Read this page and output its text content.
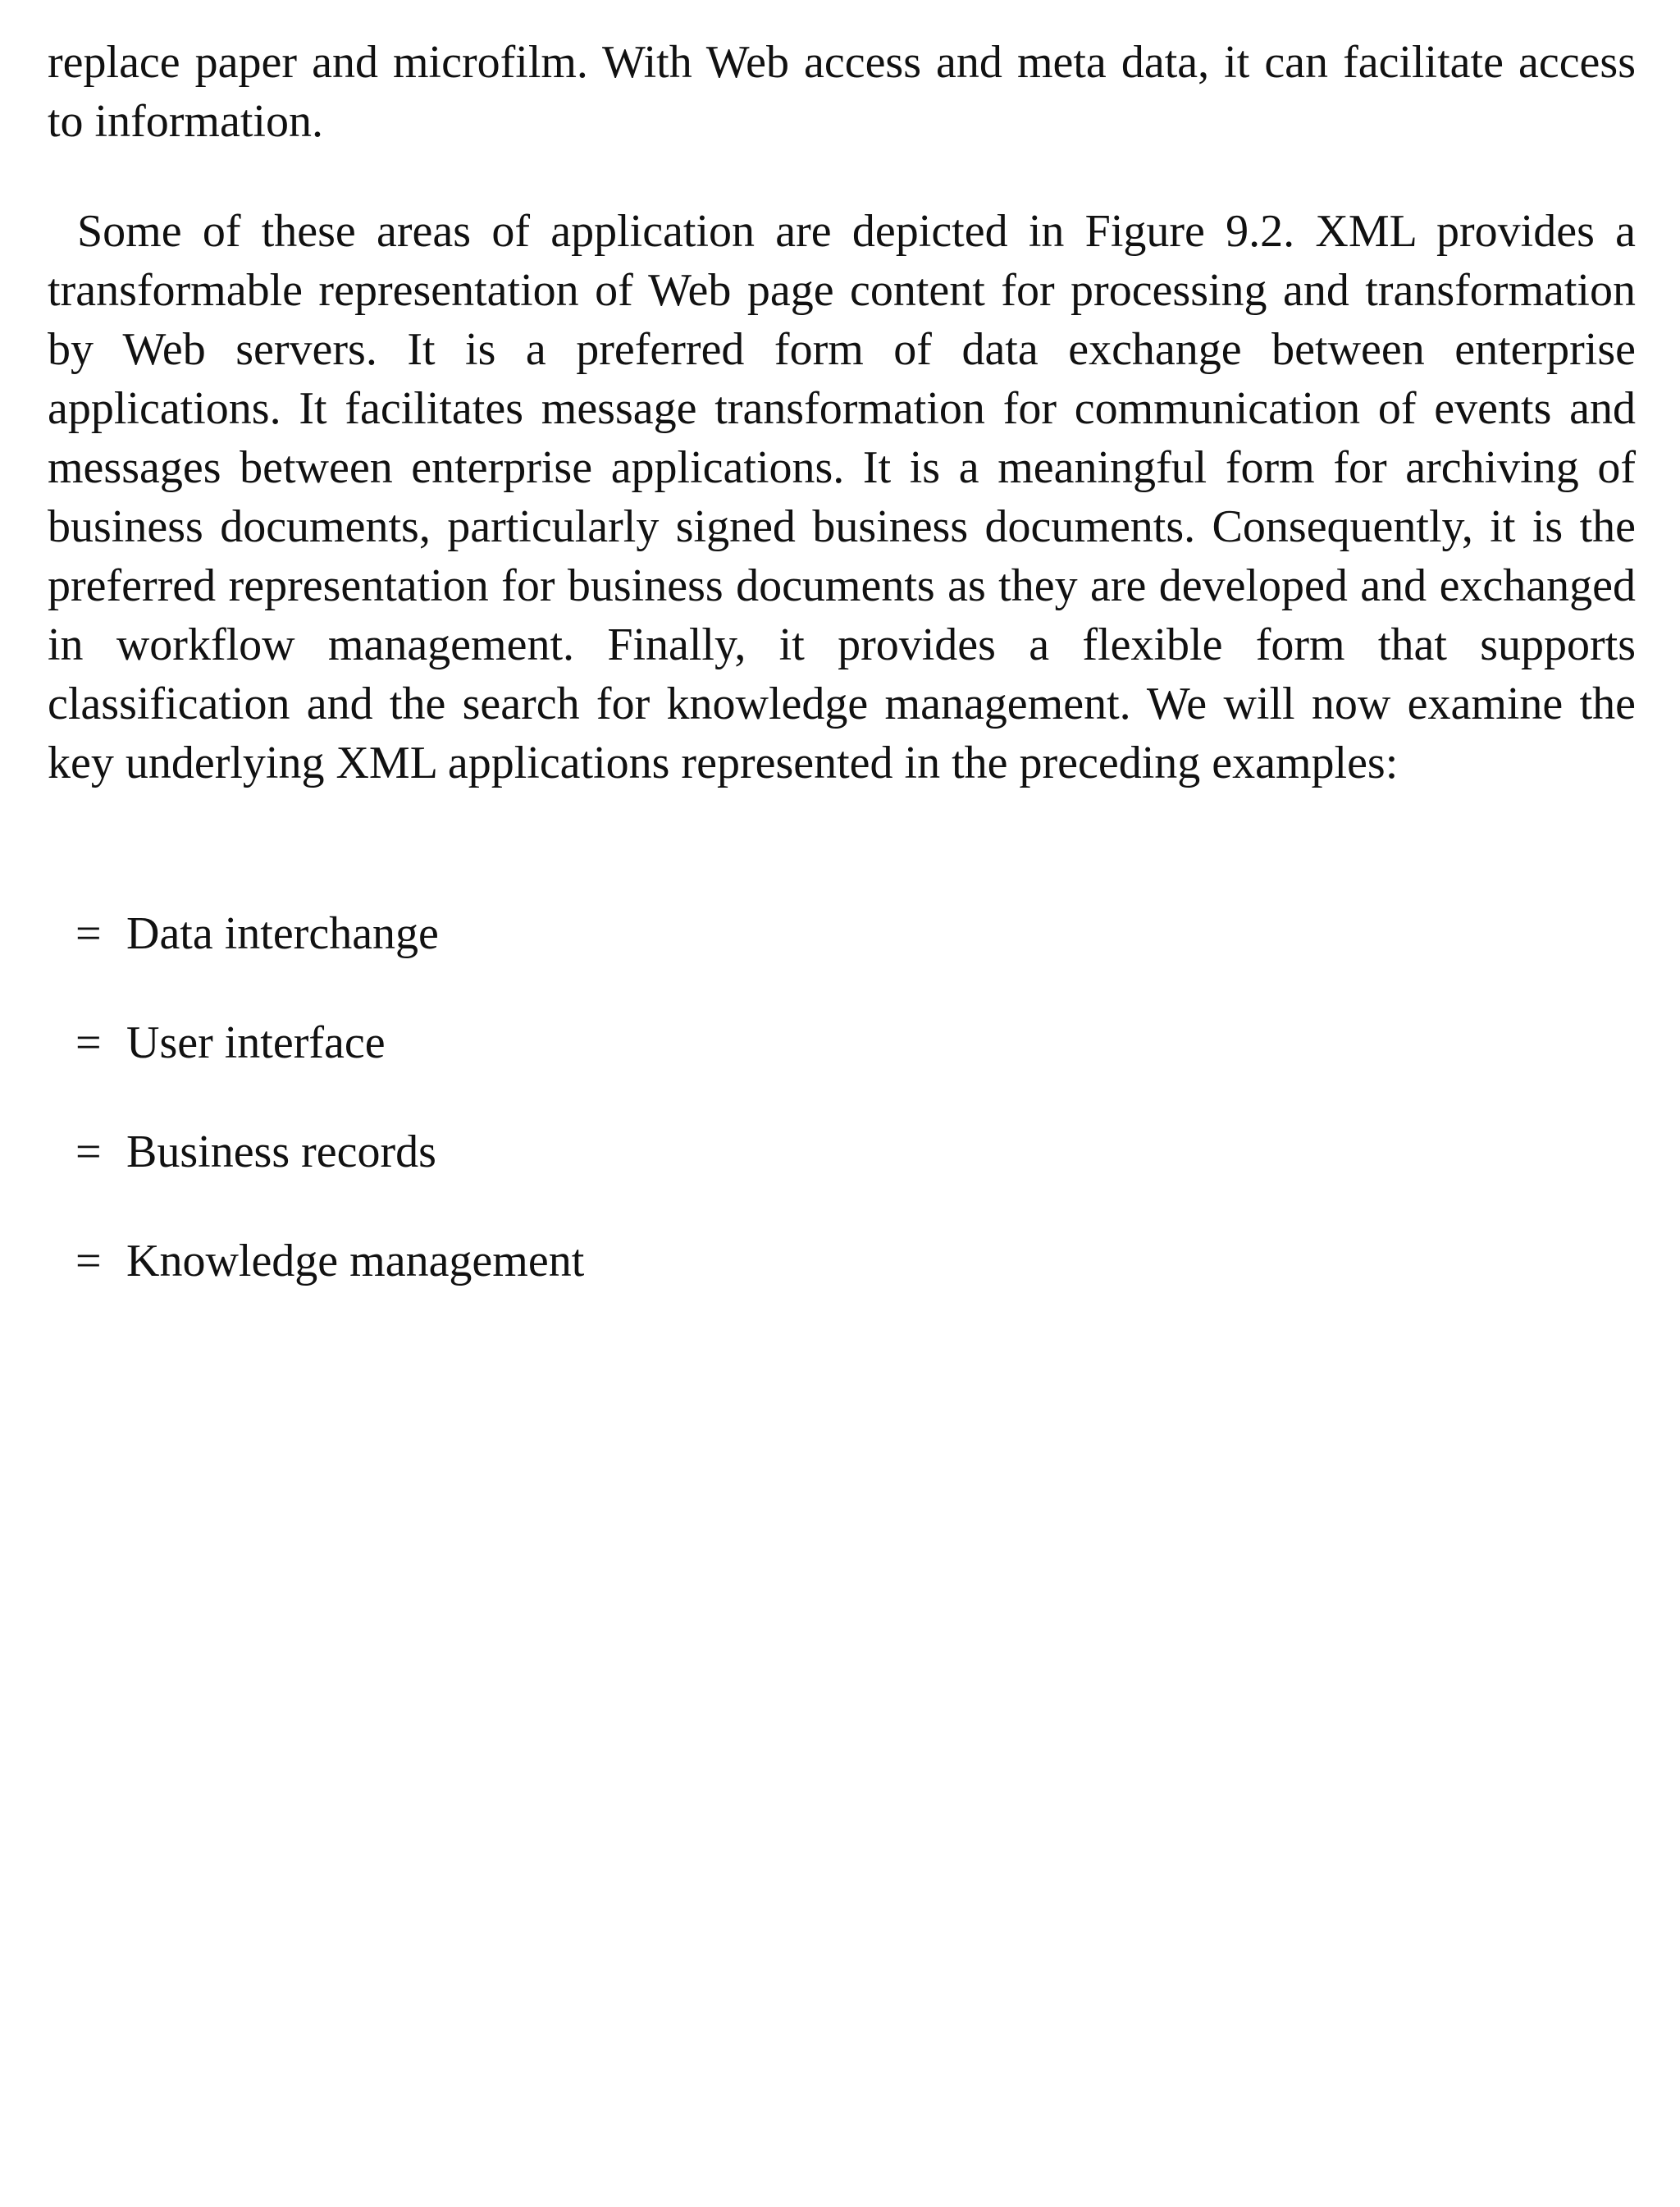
replace paper and microfilm. With Web access and meta data, it can facilitate access to information.

Some of these areas of application are depicted in Figure 9.2. XML provides a transformable representation of Web page content for processing and transformation by Web servers. It is a preferred form of data exchange between enterprise applications. It facilitates message transformation for communication of events and messages between enterprise applications. It is a meaningful form for archiving of business documents, particularly signed business documents. Consequently, it is the preferred representation for business documents as they are developed and exchanged in workflow management. Finally, it provides a flexible form that supports classification and the search for knowledge management. We will now examine the key underlying XML applications represented in the preceding examples:

= Data interchange
= User interface
= Business records
= Knowledge management
